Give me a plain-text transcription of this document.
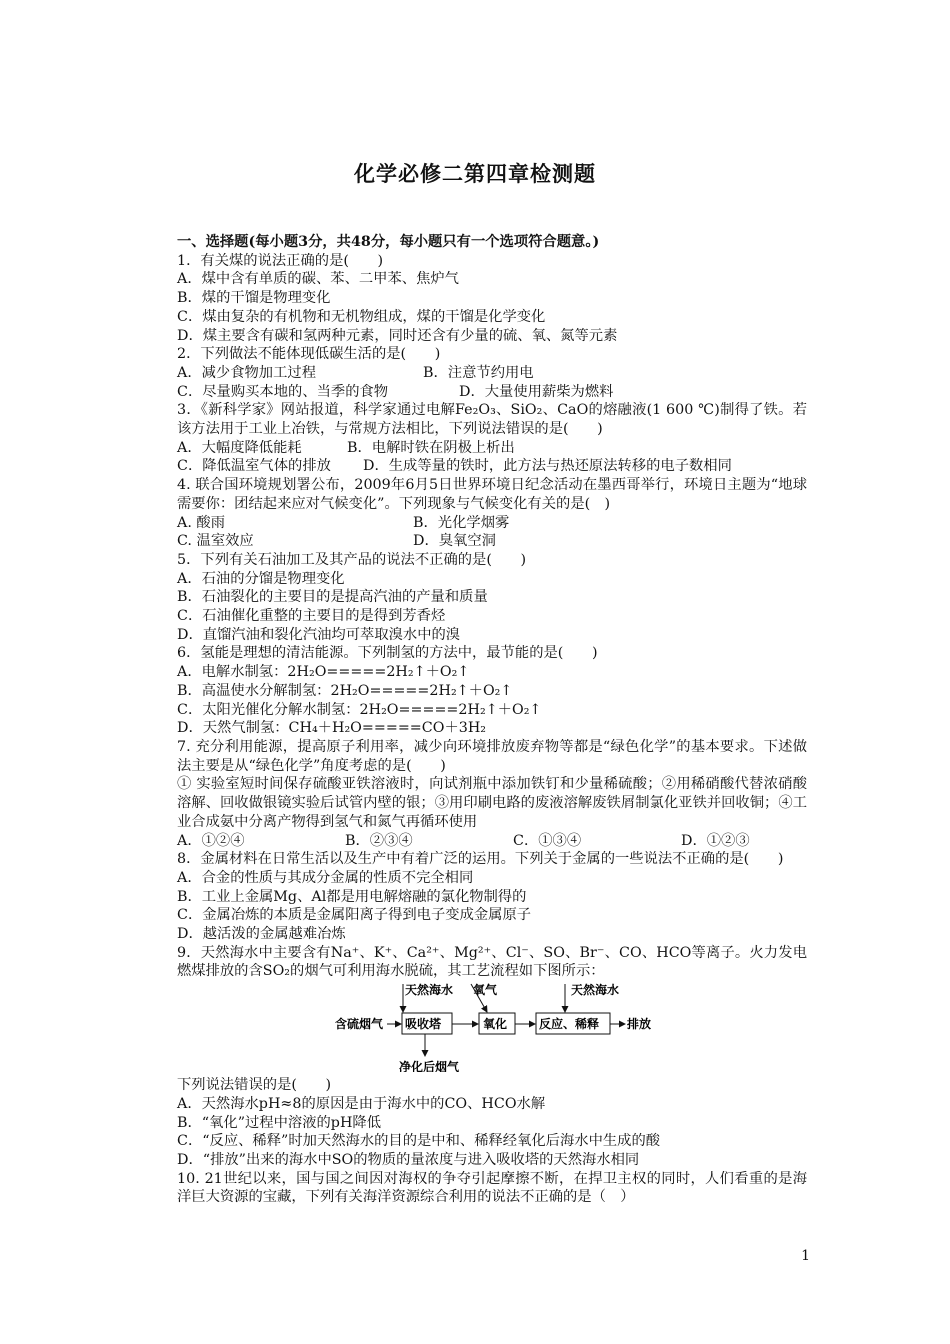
化学必修二第四章检测题
一、选择题(每小题3分，共48分，每小题只有一个选项符合题意。)
1．有关煤的说法正确的是(　　)
A．煤中含有单质的碳、苯、二甲苯、焦炉气
B．煤的干馏是物理变化
C．煤由复杂的有机物和无机物组成，煤的干馏是化学变化
D．煤主要含有碳和氢两种元素，同时还含有少量的硫、氧、氮等元素
2．下列做法不能体现低碳生活的是(　　)
A．减少食物加工过程	B．注意节约用电
C．尽量购买本地的、当季的食物	D．大量使用薪柴为燃料
3．《新科学家》网站报道，科学家通过电解Fe₂O₃、SiO₂、CaO的熔融液(1 600 ℃)制得了铁。若该方法用于工业上冶铁，与常规方法相比，下列说法错误的是(　　)
A．大幅度降低能耗	B．电解时铁在阴极上析出
C．降低温室气体的排放	D．生成等量的铁时，此方法与热还原法转移的电子数相同
4. 联合国环境规划署公布，2009年6月5日世界环境日纪念活动在墨西哥举行，环境日主题为“地球需要你：团结起来应对气候变化”。下列现象与气候变化有关的是(　)
A. 酸雨	B．光化学烟雾
C. 温室效应	D．臭氧空洞
5．下列有关石油加工及其产品的说法不正确的是(　　)
A．石油的分馏是物理变化
B．石油裂化的主要目的是提高汽油的产量和质量
C．石油催化重整的主要目的是得到芳香烃
D．直馏汽油和裂化汽油均可萃取溴水中的溴
6．氢能是理想的清洁能源。下列制氢的方法中，最节能的是(　　)
A．电解水制氢：2H₂O=====2H₂↑＋O₂↑
B．高温使水分解制氢：2H₂O=====2H₂↑＋O₂↑
C．太阳光催化分解水制氢：2H₂O=====2H₂↑＋O₂↑
D．天然气制氢：CH₄＋H₂O=====CO＋3H₂
7. 充分利用能源，提高原子利用率，减少向环境排放废弃物等都是“绿色化学”的基本要求。下述做法主要是从“绿色化学”角度考虑的是(　　)
① 实验室短时间保存硫酸亚铁溶液时，向试剂瓶中添加铁钉和少量稀硫酸；②用稀硝酸代替浓硝酸溶解、回收做银镜实验后试管内壁的银；③用印刷电路的废液溶解废铁屑制氯化亚铁并回收铜；④工业合成氨中分离产物得到氢气和氮气再循环使用
A．①②④	B．②③④	C．①③④	D．①②③
8．金属材料在日常生活以及生产中有着广泛的运用。下列关于金属的一些说法不正确的是(　　)
A．合金的性质与其成分金属的性质不完全相同
B．工业上金属Mg、Al都是用电解熔融的氯化物制得的
C．金属冶炼的本质是金属阳离子得到电子变成金属原子
D．越活泼的金属越难冶炼
9．天然海水中主要含有Na⁺、K⁺、Ca²⁺、Mg²⁺、Cl⁻、SO、Br⁻、CO、HCO等离子。火力发电燃煤排放的含SO₂的烟气可利用海水脱硫，其工艺流程如下图所示：
含硫烟气 吸收塔	氧化	反应、稀释 排放
天然海水 氧气	天然海水
净化后烟气
下列说法错误的是(　　)
A．天然海水pH≈8的原因是由于海水中的CO、HCO水解
B．“氧化”过程中溶液的pH降低
C．“反应、稀释”时加天然海水的目的是中和、稀释经氧化后海水中生成的酸
D．“排放”出来的海水中SO的物质的量浓度与进入吸收塔的天然海水相同
10. 21世纪以来，国与国之间因对海权的争夺引起摩擦不断，在捍卫主权的同时，人们看重的是海洋巨大资源的宝藏，下列有关海洋资源综合利用的说法不正确的是（　）
1
